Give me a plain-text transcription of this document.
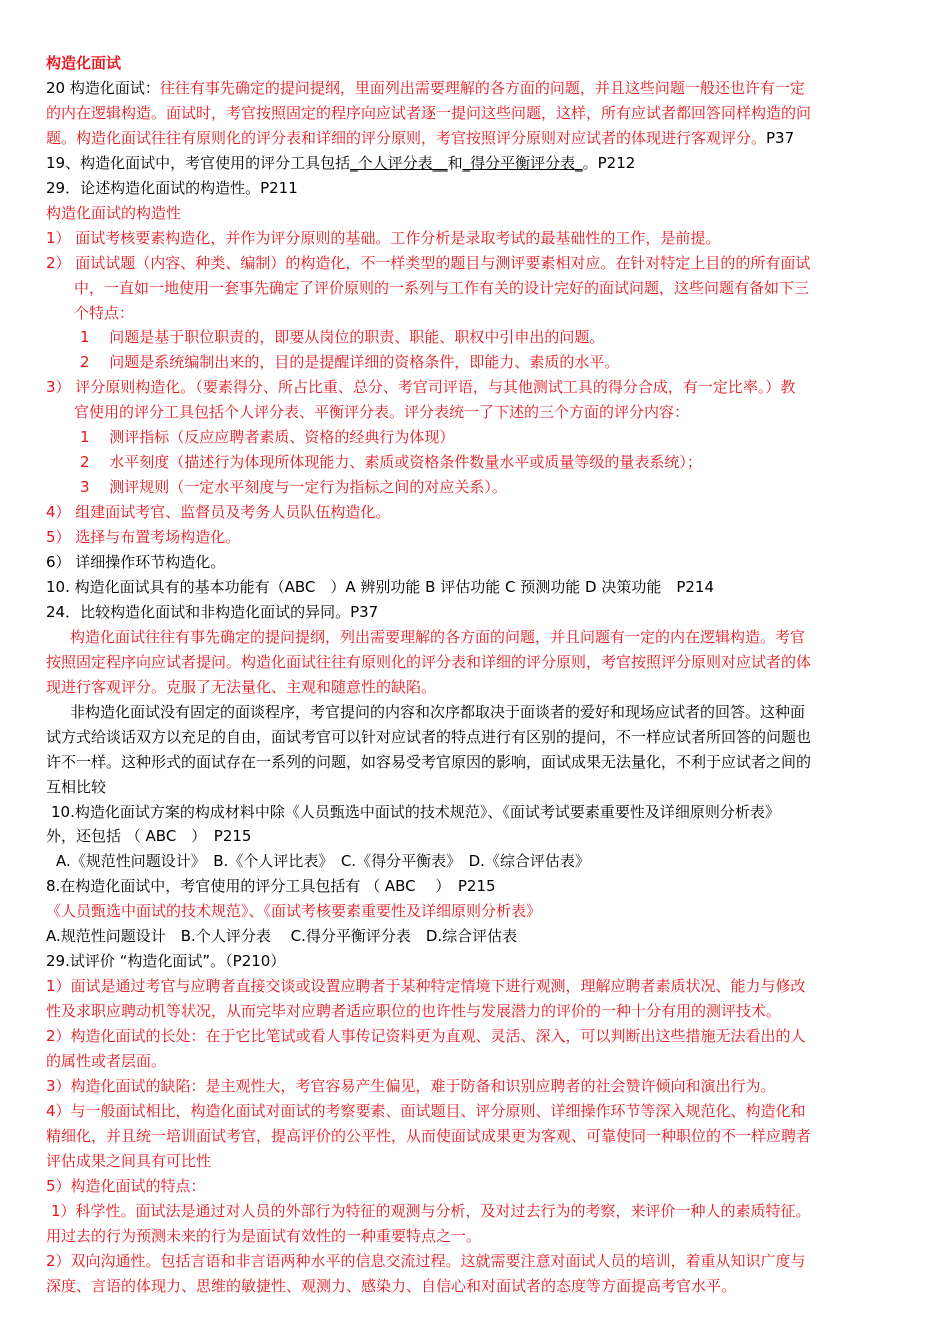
构造化面试
20 构造化面试：往往有事先确定的提问提纲，里面列出需要理解的各方面的问题，并且这些问题一般还也许有一定
的内在逻辑构造。面试时，考官按照固定的程序向应试者逐一提问这些问题，这样，所有应试者都回答同样构造的问
题。构造化面试往往有原则化的评分表和详细的评分原则，考官按照评分原则对应试者的体现进行客观评分。P37
19、构造化面试中，考官使用的评分工具包括_个人评分表__和_得分平衡评分表_。P212
29．论述构造化面试的构造性。P211
构造化面试的构造性
1） 面试考核要素构造化，并作为评分原则的基础。工作分析是录取考试的最基础性的工作，是前提。
2） 面试试题（内容、种类、编制）的构造化，不一样类型的题目与测评要素相对应。在针对特定上目的的所有面试
中，一直如一地使用一套事先确定了评价原则的一系列与工作有关的设计完好的面试问题，这些问题有备如下三
个特点：
1　 问题是基于职位职责的，即要从岗位的职责、职能、职权中引申出的问题。
2　 问题是系统编制出来的，目的是提醒详细的资格条件，即能力、素质的水平。
3） 评分原则构造化。（要素得分、所占比重、总分、考官司评语，与其他测试工具的得分合成，有一定比率。）教
官使用的评分工具包括个人评分表、平衡评分表。评分表统一了下述的三个方面的评分内容：
1　 测评指标（反应应聘者素质、资格的经典行为体现）
2　 水平刻度（描述行为体现所体现能力、素质或资格条件数量水平或质量等级的量表系统）；
3　 测评规则（一定水平刻度与一定行为指标之间的对应关系）。
4） 组建面试考官、监督员及考务人员队伍构造化。
5） 选择与布置考场构造化。
6） 详细操作环节构造化。
10. 构造化面试具有的基本功能有（ABC　）A 辨别功能 B 评估功能 C 预测功能 D 决策功能　P214
24．比较构造化面试和非构造化面试的异同。P37
构造化面试往往有事先确定的提问提纲，列出需要理解的各方面的问题，并且问题有一定的内在逻辑构造。考官
按照固定程序向应试者提问。构造化面试往往有原则化的评分表和详细的评分原则，考官按照评分原则对应试者的体
现进行客观评分。克服了无法量化、主观和随意性的缺陷。
非构造化面试没有固定的面谈程序，考官提问的内容和次序都取决于面谈者的爱好和现场应试者的回答。这种面
试方式给谈话双方以充足的自由，面试考官可以针对应试者的特点进行有区别的提问，不一样应试者所回答的问题也
许不一样。这种形式的面试存在一系列的问题，如容易受考官原因的影响，面试成果无法量化，不利于应试者之间的
互相比较
10.构造化面试方案的构成材料中除《人员甄选中面试的技术规范》、《面试考试要素重要性及详细原则分析表》
外，还包括 （ ABC　）　P215
A.《规范性问题设计》　B.《个人评比表》　C.《得分平衡表》　D.《综合评估表》
8.在构造化面试中，考官使用的评分工具包括有 （ ABC　 ）　P215
《人员甄选中面试的技术规范》、《面试考核要素重要性及详细原则分析表》
A.规范性问题设计　B.个人评分表　 C.得分平衡评分表　D.综合评估表
29.试评价 “构造化面试”。（P210）
1）面试是通过考官与应聘者直接交谈或设置应聘者于某种特定情境下进行观测，理解应聘者素质状况、能力与修改
性及求职应聘动机等状况，从而完毕对应聘者适应职位的也许性与发展潜力的评价的一种十分有用的测评技术。
2）构造化面试的长处：在于它比笔试或看人事传记资料更为直观、灵活、深入，可以判断出这些措施无法看出的人
的属性或者层面。
3）构造化面试的缺陷：是主观性大，考官容易产生偏见，难于防备和识别应聘者的社会赞许倾向和演出行为。
4）与一般面试相比，构造化面试对面试的考察要素、面试题目、评分原则、详细操作环节等深入规范化、构造化和
精细化，并且统一培训面试考官，提高评价的公平性，从而使面试成果更为客观、可靠使同一种职位的不一样应聘者
评估成果之间具有可比性
5）构造化面试的特点：
1）科学性。面试法是通过对人员的外部行为特征的观测与分析，及对过去行为的考察，来评价一种人的素质特征。
用过去的行为预测未来的行为是面试有效性的一种重要特点之一。
2）双向沟通性。包括言语和非言语两种水平的信息交流过程。这就需要注意对面试人员的培训，着重从知识广度与
深度、言语的体现力、思维的敏捷性、观测力、感染力、自信心和对面试者的态度等方面提高考官水平。
